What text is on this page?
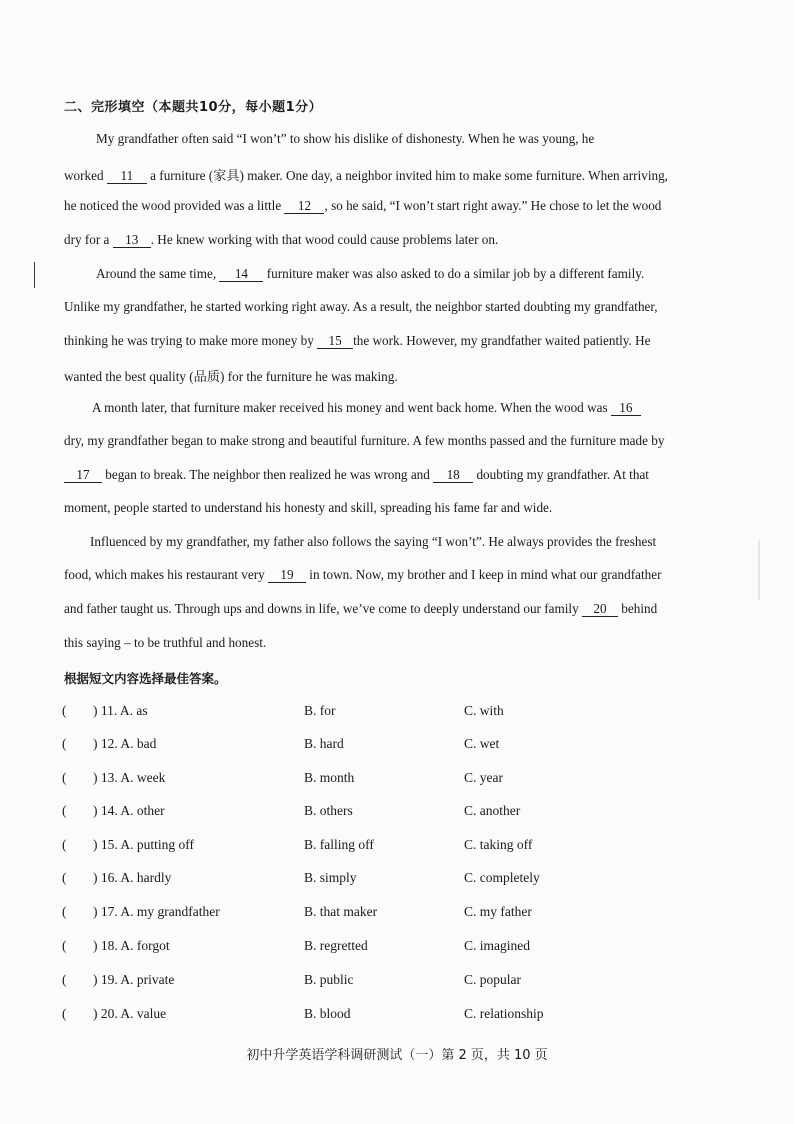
二、完形填空（本题共10分，每小题1分）
My grandfather often said “I won’t” to show his dislike of dishonesty. When he was young, he
worked 11 a furniture (家具) maker. One day, a neighbor invited him to make some furniture. When arriving,
he noticed the wood provided was a little 12 , so he said, “I won’t start right away.” He chose to let the wood
dry for a 13 . He knew working with that wood could cause problems later on.
Around the same time, 14 furniture maker was also asked to do a similar job by a different family.
Unlike my grandfather, he started working right away. As a result, the neighbor started doubting my grandfather,
thinking he was trying to make more money by 15 the work. However, my grandfather waited patiently. He
wanted the best quality (品质) for the furniture he was making.
A month later, that furniture maker received his money and went back home. When the wood was 16
dry, my grandfather began to make strong and beautiful furniture. A few months passed and the furniture made by
17 began to break. The neighbor then realized he was wrong and 18 doubting my grandfather. At that
moment, people started to understand his honesty and skill, spreading his fame far and wide.
Influenced by my grandfather, my father also follows the saying “I won’t”. He always provides the freshest
food, which makes his restaurant very 19 in town. Now, my brother and I keep in mind what our grandfather
and father taught us. Through ups and downs in life, we’ve come to deeply understand our family 20 behind
this saying – to be truthful and honest.
根据短文内容选择最佳答案。
( ) 11. A. as	B. for	C. with
( ) 12. A. bad	B. hard	C. wet
( ) 13. A. week	B. month	C. year
( ) 14. A. other	B. others	C. another
( ) 15. A. putting off	B. falling off	C. taking off
( ) 16. A. hardly	B. simply	C. completely
( ) 17. A. my grandfather	B. that maker	C. my father
( ) 18. A. forgot	B. regretted	C. imagined
( ) 19. A. private	B. public	C. popular
( ) 20. A. value	B. blood	C. relationship
初中升学英语学科调研测试（一）第 2 页，共 10 页
